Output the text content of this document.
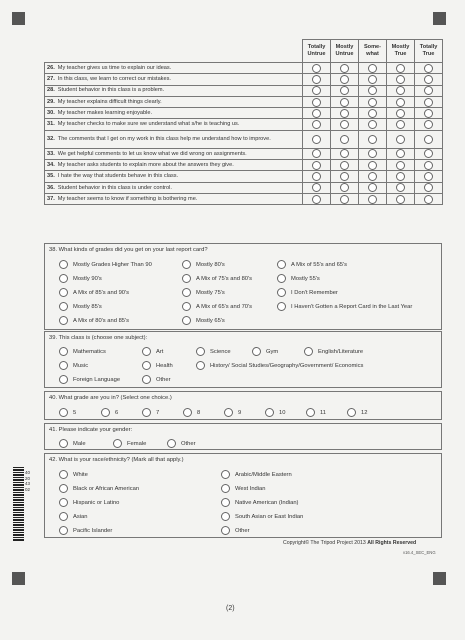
	Totally Untrue	Mostly Untrue	Some-what	Mostly True	Totally True
26. My teacher gives us time to explain our ideas.					
27. In this class, we learn to correct our mistakes.					
28. Student behavior in this class is a problem.					
29. My teacher explains difficult things clearly.					
30. My teacher makes learning enjoyable.					
31. My teacher checks to make sure we understand what s/he is teaching us.					
32. The comments that I get on my work in this class help me understand how to improve.					
33. We get helpful comments to let us know what we did wrong on assignments.					
34. My teacher asks students to explain more about the answers they give.					
35. I hate the way that students behave in this class.					
36. Student behavior in this class is under control.					
37. My teacher seems to know if something is bothering me.					
38. What kinds of grades did you get on your last report card?
Mostly Grades Higher Than 90
Mostly 90's
A Mix of 85's and 90's
Mostly 85's
A Mix of 80's and 85's
Mostly 80's
A Mix of 75's and 80's
Mostly 75's
A Mix of 65's and 70's
Mostly 65's
A Mix of 55's and 65's
Mostly 55's
I Don't Remember
I Haven't Gotten a Report Card in the Last Year
39. This class is (choose one subject):
Mathematics	Art	Science	Gym	English/Literature
Music	Health	History/ Social Studies/Geography/Government/ Economics
Foreign Language	Other
40. What grade are you in? (Select one choice.)
5	6	7	8	9	10	11	12
41. Please indicate your gender:
Male	Female	Other
42. What is your race/ethnicity? (Mark all that apply.)
White
Black or African American
Hispanic or Latino
Asian
Pacific Islander
Arabic/Middle Eastern
West Indian
Native American (Indian)
South Asian or East Indian
Other
40204302
Copyright© The Tripod Project 2013 All Rights Reserved
v16.4_SEC_ENG
(2)
